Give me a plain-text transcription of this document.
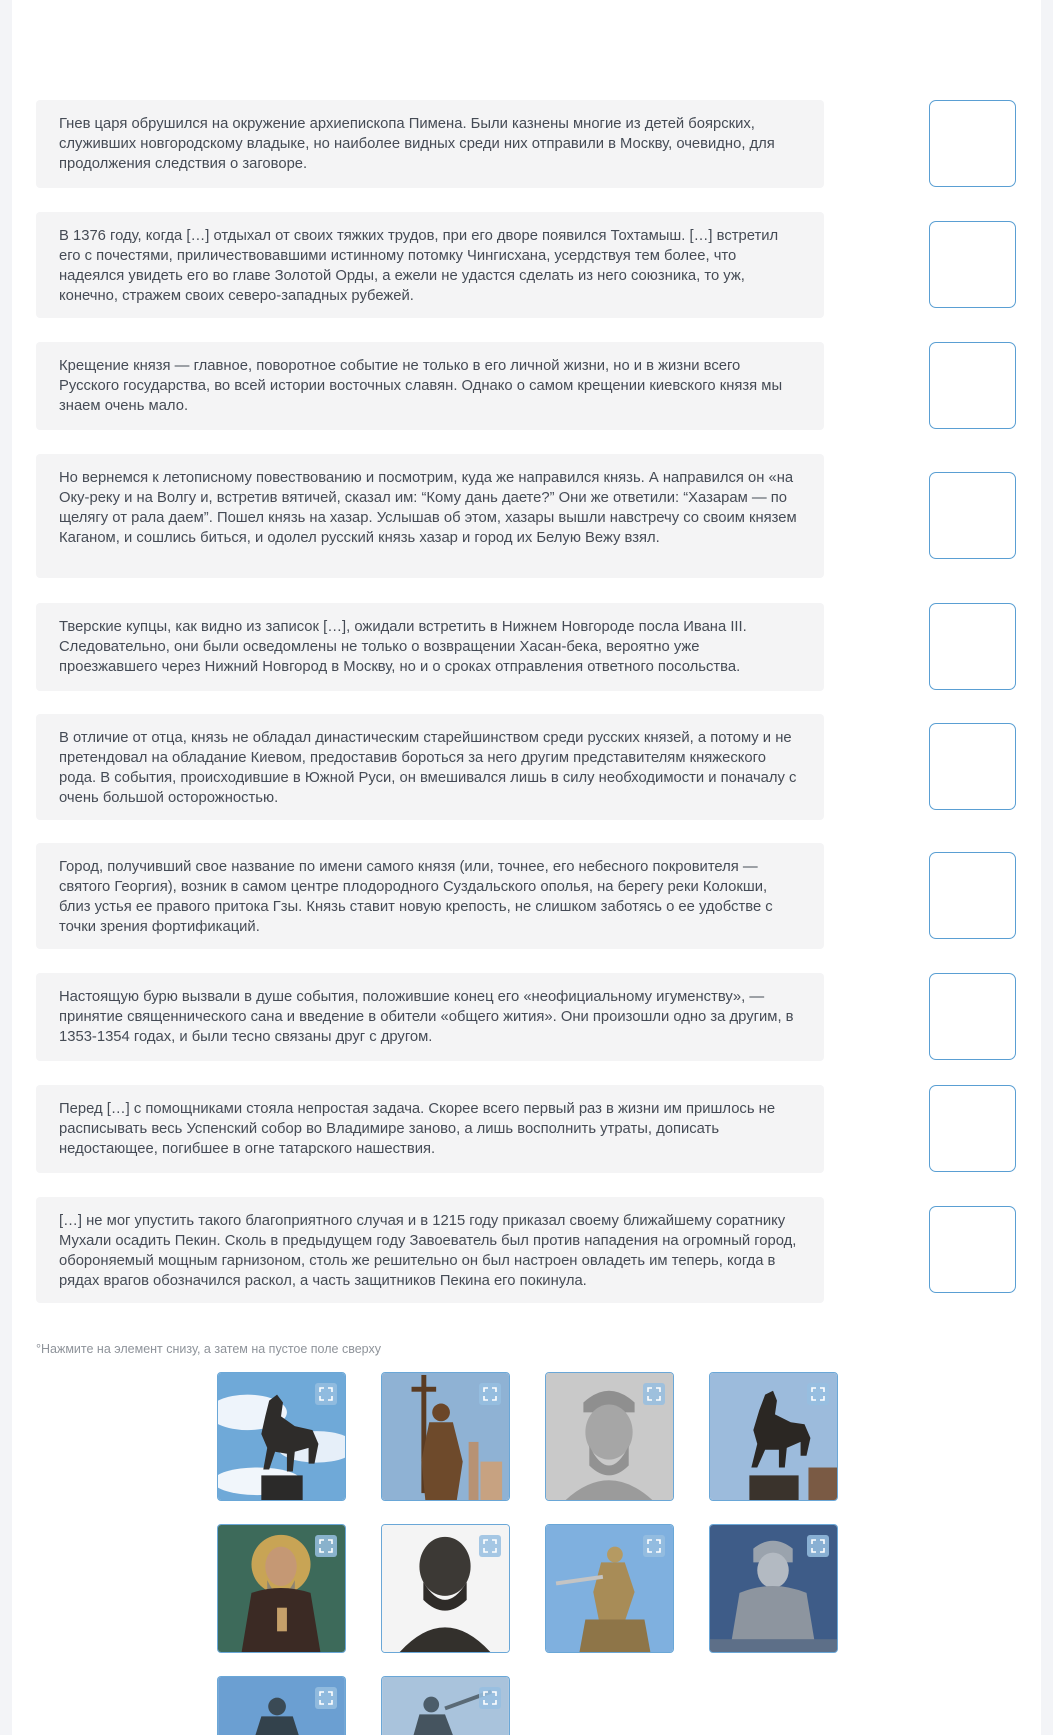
Гнев царя обрушился на окружение архиепископа Пимена. Были казнены многие из детей боярских, служивших новгородскому владыке, но наиболее видных среди них отправили в Москву, очевидно, для продолжения следствия о заговоре.
В 1376 году, когда […] отдыхал от своих тяжких трудов, при его дворе появился Тохтамыш. […] встретил его с почестями, приличествовавшими истинному потомку Чингисхана, усердствуя тем более, что надеялся увидеть его во главе Золотой Орды, а ежели не удастся сделать из него союзника, то уж, конечно, стражем своих северо-западных рубежей.
Крещение князя — главное, поворотное событие не только в его личной жизни, но и в жизни всего Русского государства, во всей истории восточных славян. Однако о самом крещении киевского князя мы знаем очень мало.
Но вернемся к летописному повествованию и посмотрим, куда же направился князь. А направился он «на Оку-реку и на Волгу и, встретив вятичей, сказал им: “Кому дань даете?” Они же ответили: “Хазарам — по щелягу от рала даем”. Пошел князь на хазар. Услышав об этом, хазары вышли навстречу со своим князем Каганом, и сошлись биться, и одолел русский князь хазар и город их Белую Вежу взял.
Тверские купцы, как видно из записок […], ожидали встретить в Нижнем Новгороде посла Ивана III. Следовательно, они были осведомлены не только о возвращении Хасан-бека, вероятно уже проезжавшего через Нижний Новгород в Москву, но и о сроках отправления ответного посольства.
В отличие от отца, князь не обладал династическим старейшинством среди русских князей, а потому и не претендовал на обладание Киевом, предоставив бороться за него другим представителям княжеского рода. В события, происходившие в Южной Руси, он вмешивался лишь в силу необходимости и поначалу с очень большой осторожностью.
Город, получивший свое название по имени самого князя (или, точнее, его небесного покровителя — святого Георгия), возник в самом центре плодородного Суздальского ополья, на берегу реки Колокши, близ устья ее правого притока Гзы. Князь ставит новую крепость, не слишком заботясь о ее удобстве с точки зрения фортификаций.
Настоящую бурю вызвали в душе события, положившие конец его «неофициальному игуменству», — принятие священнического сана и введение в обители «общего жития». Они произошли одно за другим, в 1353-1354 годах, и были тесно связаны друг с другом.
Перед […] с помощниками стояла непростая задача. Скорее всего первый раз в жизни им пришлось не расписывать весь Успенский собор во Владимире заново, а лишь восполнить утраты, дописать недостающее, погибшее в огне татарского нашествия.
[…] не мог упустить такого благоприятного случая и в 1215 году приказал своему ближайшему соратнику Мухали осадить Пекин. Сколь в предыдущем году Завоеватель был против нападения на огромный город, обороняемый мощным гарнизоном, столь же решительно он был настроен овладеть им теперь, когда в рядах врагов обозначился раскол, а часть защитников Пекина его покинула.
°Нажмите на элемент снизу, а затем на пустое поле сверху
